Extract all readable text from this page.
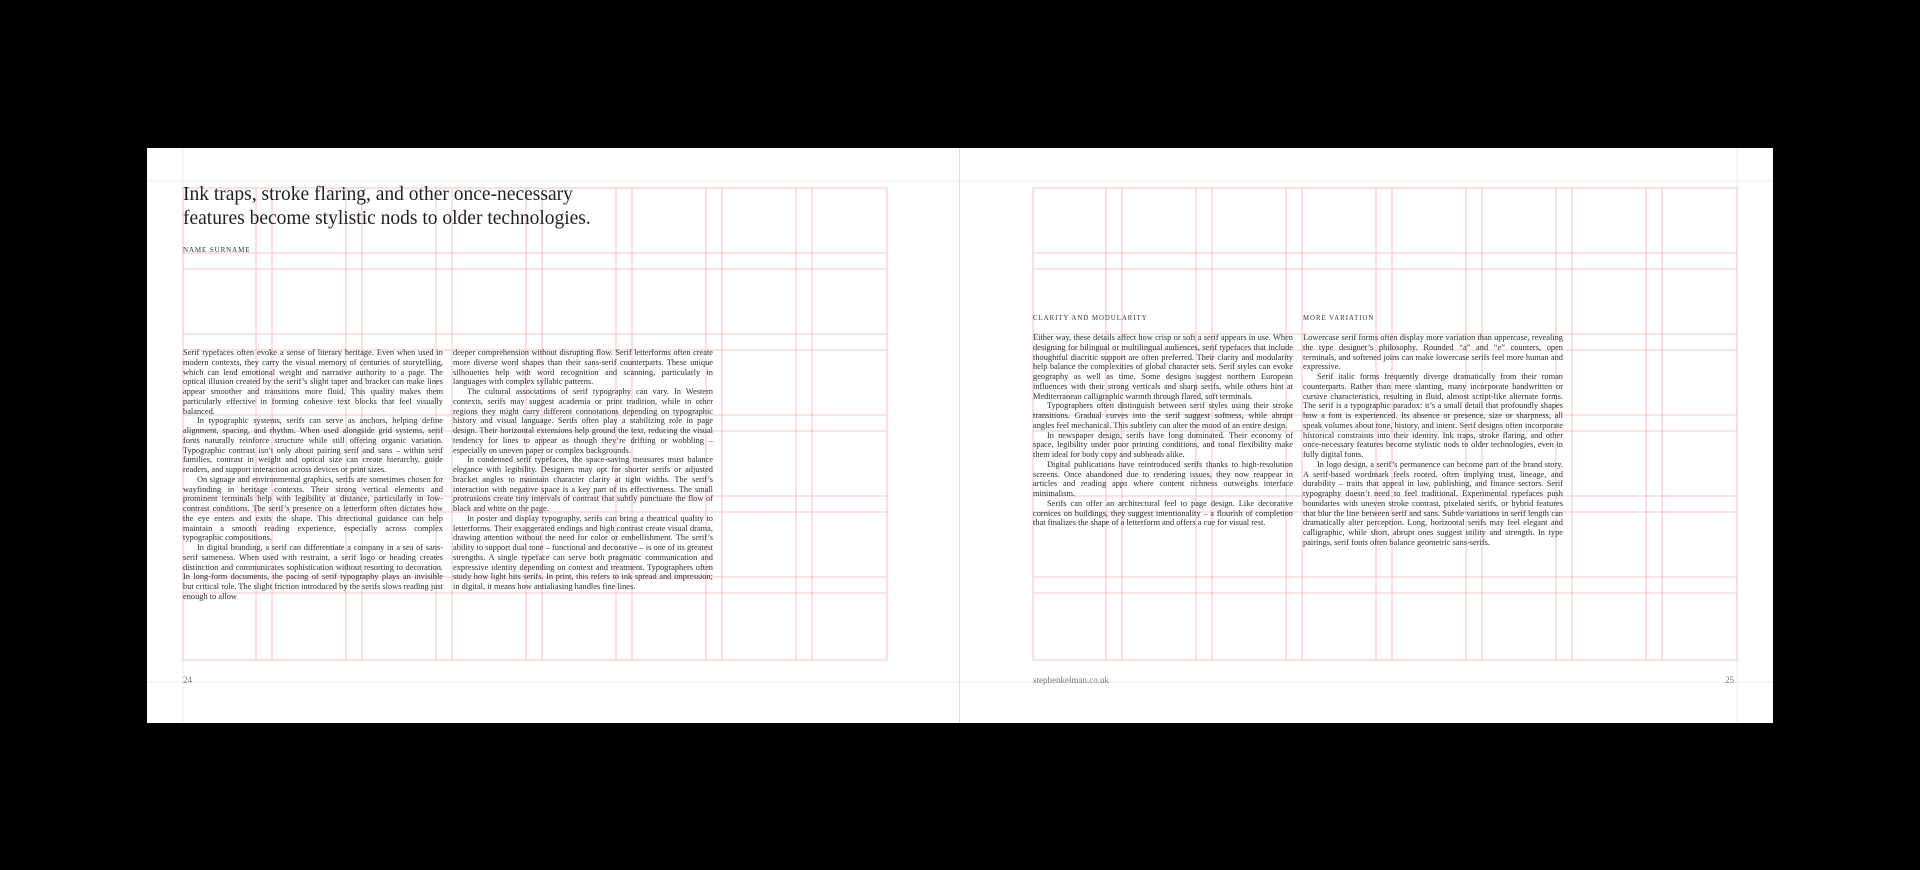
Ink traps, stroke flaring, and other once-necessary features become stylistic nods to older technologies.
NAME SURNAME

Serif typefaces often evoke a sense of literary heritage. Even when used in modern contexts, they carry the visual memory of centuries of storytelling, which can lend emotional weight and narrative authority to a page. The optical illusion created by the serif’s slight taper and bracket can make lines appear smoother and transitions more fluid. This quality makes them particularly effective in forming cohesive text blocks that feel visually balanced.

In typographic systems, serifs can serve as anchors, helping define alignment, spacing, and rhythm. When used alongside grid systems, serif fonts naturally reinforce structure while still offering organic variation. Typographic contrast isn’t only about pairing serif and sans – within serif families, contrast in weight and optical size can create hierarchy, guide readers, and support interaction across devices or print sizes.

On signage and environmental graphics, serifs are sometimes chosen for wayfinding in heritage contexts. Their strong vertical elements and prominent terminals help with legibility at distance, particularly in low-contrast conditions. The serif’s presence on a letterform often dictates how the eye enters and exits the shape. This directional guidance can help maintain a smooth reading experience, especially across complex typographic compositions.

In digital branding, a serif can differentiate a company in a sea of sans-serif sameness. When used with restraint, a serif logo or heading creates distinction and communicates sophistication without resorting to decoration. In long-form documents, the pacing of serif typography plays an invisible but critical role. The slight friction introduced by the serifs slows reading just enough to allow

deeper comprehension without disrupting flow. Serif letterforms often create more diverse word shapes than their sans-serif counterparts. These unique silhouettes help with word recognition and scanning, particularly in languages with complex syllabic patterns.

The cultural associations of serif typography can vary. In Western contexts, serifs may suggest academia or print tradition, while in other regions they might carry different connotations depending on typographic history and visual language. Serifs often play a stabilizing role in page design. Their horizontal extensions help ground the text, reducing the visual tendency for lines to appear as though they’re drifting or wobbling – especially on uneven paper or complex backgrounds.

In condensed serif typefaces, the space-saving measures must balance elegance with legibility. Designers may opt for shorter serifs or adjusted bracket angles to maintain character clarity at tight widths. The serif’s interaction with negative space is a key part of its effectiveness. The small protrusions create tiny intervals of contrast that subtly punctuate the flow of black and white on the page.

In poster and display typography, serifs can bring a theatrical quality to letterforms. Their exaggerated endings and high contrast create visual drama, drawing attention without the need for color or embellishment. The serif’s ability to support dual tone – functional and decorative – is one of its greatest strengths. A single typeface can serve both pragmatic communication and expressive identity depending on context and treatment. Typographers often study how light hits serifs. In print, this refers to ink spread and impression; in digital, it means how antialiasing handles fine lines.

24
CLARITY AND MODULARITY

Either way, these details affect how crisp or soft a serif appears in use. When designing for bilingual or multilingual audiences, serif typefaces that include thoughtful diacritic support are often preferred. Their clarity and modularity help balance the complexities of global character sets. Serif styles can evoke geography as well as time. Some designs suggest northern European influences with their strong verticals and sharp serifs, while others hint at Mediterranean calligraphic warmth through flared, soft terminals.

Typographers often distinguish between serif styles using their stroke transitions. Gradual curves into the serif suggest softness, while abrupt angles feel mechanical. This subtlety can alter the mood of an entire design.

In newspaper design, serifs have long dominated. Their economy of space, legibility under poor printing conditions, and tonal flexibility make them ideal for body copy and subheads alike.

Digital publications have reintroduced serifs thanks to high-resolution screens. Once abandoned due to rendering issues, they now reappear in articles and reading apps where content richness outweighs interface minimalism.

Serifs can offer an architectural feel to page design. Like decorative cornices on buildings, they suggest intentionality – a flourish of completion that finalizes the shape of a letterform and offers a cue for visual rest.

MORE VARIATION

Lowercase serif forms often display more variation than uppercase, revealing the type designer’s philosophy. Rounded “a” and “e” counters, open terminals, and softened joins can make lowercase serifs feel more human and expressive.

Serif italic forms frequently diverge dramatically from their roman counterparts. Rather than mere slanting, many incorporate handwritten or cursive characteristics, resulting in fluid, almost script-like alternate forms. The serif is a typographic paradox: it’s a small detail that profoundly shapes how a font is experienced. Its absence or presence, size or sharpness, all speak volumes about tone, history, and intent. Serif designs often incorporate historical constraints into their identity. Ink traps, stroke flaring, and other once-necessary features become stylistic nods to older technologies, even in fully digital fonts.

In logo design, a serif’s permanence can become part of the brand story. A serif-based wordmark feels rooted, often implying trust, lineage, and durability – traits that appeal in law, publishing, and finance sectors. Serif typography doesn’t need to feel traditional. Experimental typefaces push boundaries with uneven stroke contrast, pixelated serifs, or hybrid features that blur the line between serif and sans. Subtle variations in serif length can dramatically alter perception. Long, horizontal serifs may feel elegant and calligraphic, while short, abrupt ones suggest utility and strength. In type pairings, serif fonts often balance geometric sans-serifs.

stephenkelman.co.uk	25
